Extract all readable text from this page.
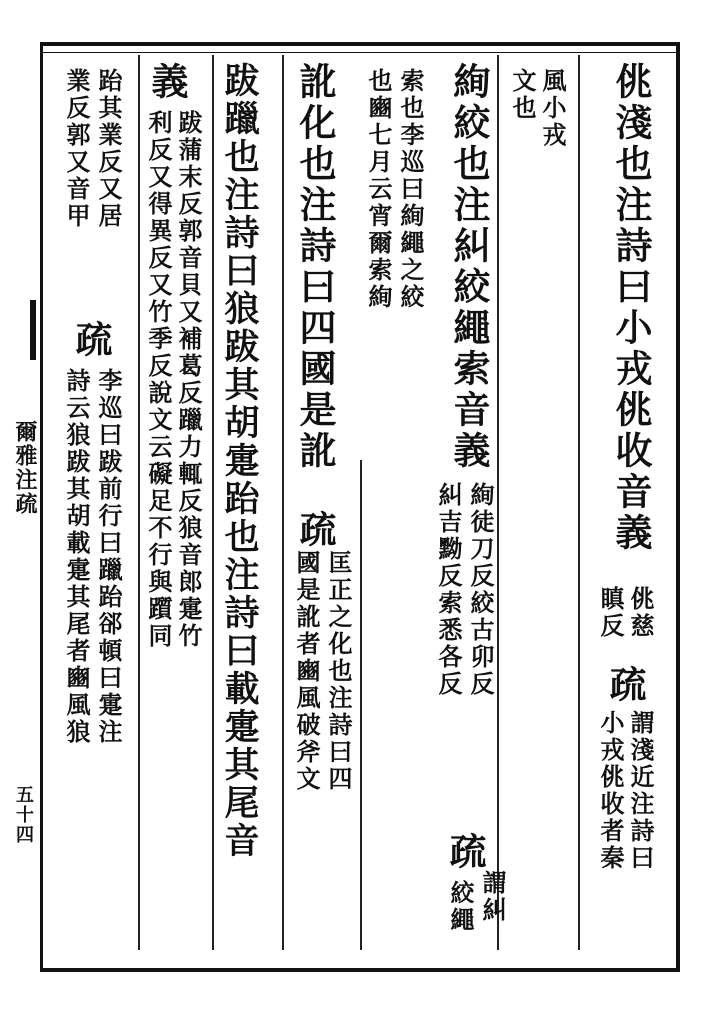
爾雅注疏
五十四
佻淺也注詩曰小戎佻收音義
佻慈
瞋反
疏
謂淺近注詩曰
小戎佻收者秦
風小戎
文也
絢絞也注糾絞繩索音義
絢徒刀反絞古卯反
糾吉黝反索悉各反
疏
謂糾
絞繩
索也李巡曰絢繩之絞
也豳七月云宵爾索絢
訛化也注詩曰四國是訛
疏
匡正之化也注詩曰四
國是訛者豳風破斧文
跋躐也注詩曰狼跋其胡疐跆也注詩曰載疐其尾音
義
跋蒲末反郭音貝又補葛反躐力輒反狼音郎疐竹
利反又得異反又竹季反說文云礙足不行與躓同
跆其業反又居
業反郭又音甲
疏
李巡曰跋前行曰躐跆郤頓曰疐注
詩云狼跋其胡載疐其尾者豳風狼
